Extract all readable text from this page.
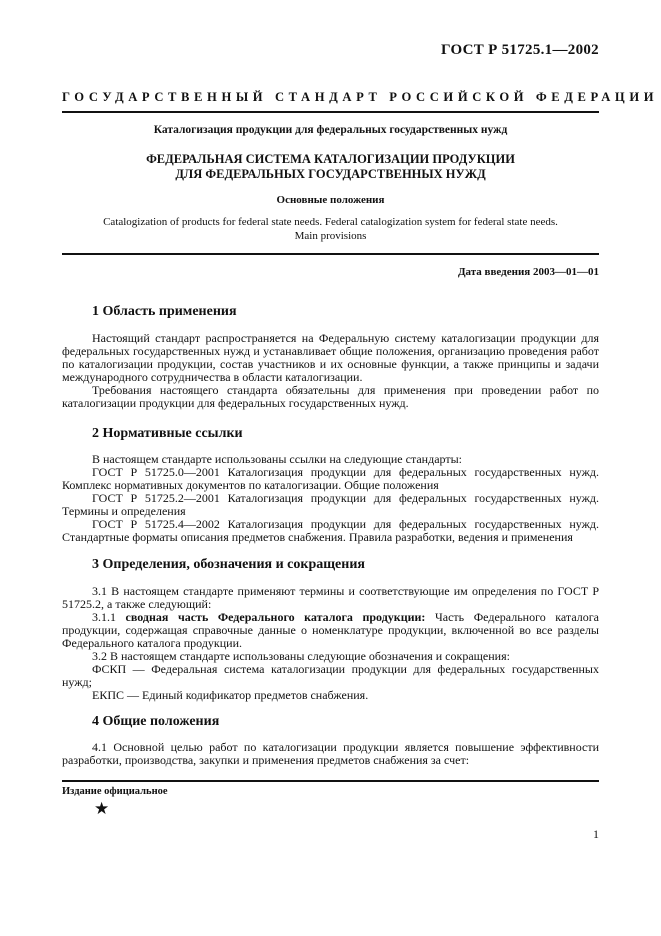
ГОСТ Р 51725.1—2002
ГОСУДАРСТВЕННЫЙ СТАНДАРТ РОССИЙСКОЙ ФЕДЕРАЦИИ
Каталогизация продукции для федеральных государственных нужд
ФЕДЕРАЛЬНАЯ СИСТЕМА КАТАЛОГИЗАЦИИ ПРОДУКЦИИ
ДЛЯ ФЕДЕРАЛЬНЫХ ГОСУДАРСТВЕННЫХ НУЖД
Основные положения
Catalogization of products for federal state needs. Federal catalogization system for federal state needs.
Main provisions
Дата введения 2003—01—01
1 Область применения

Настоящий стандарт распространяется на Федеральную систему каталогизации продукции для федеральных государственных нужд и устанавливает общие положения, организацию проведения работ по каталогизации продукции, состав участников и их основные функции, а также принципы и задачи международного сотрудничества в области каталогизации.

Требования настоящего стандарта обязательны для применения при проведении работ по каталогизации продукции для федеральных государственных нужд.

2 Нормативные ссылки

В настоящем стандарте использованы ссылки на следующие стандарты:

ГОСТ Р 51725.0—2001 Каталогизация продукции для федеральных государственных нужд. Комплекс нормативных документов по каталогизации. Общие положения

ГОСТ Р 51725.2—2001 Каталогизация продукции для федеральных государственных нужд. Термины и определения

ГОСТ Р 51725.4—2002 Каталогизация продукции для федеральных государственных нужд. Стандартные форматы описания предметов снабжения. Правила разработки, ведения и применения

3 Определения, обозначения и сокращения

3.1 В настоящем стандарте применяют термины и соответствующие им определения по ГОСТ Р 51725.2, а также следующий:

3.1.1 сводная часть Федерального каталога продукции: Часть Федерального каталога продукции, содержащая справочные данные о номенклатуре продукции, включенной во все разделы Федерального каталога продукции.

3.2 В настоящем стандарте использованы следующие обозначения и сокращения:

ФСКП — Федеральная система каталогизации продукции для федеральных государственных нужд;

ЕКПС — Единый кодификатор предметов снабжения.

4 Общие положения

4.1 Основной целью работ по каталогизации продукции является повышение эффективности разработки, производства, закупки и применения предметов снабжения за счет:

Издание официальное
★
1
